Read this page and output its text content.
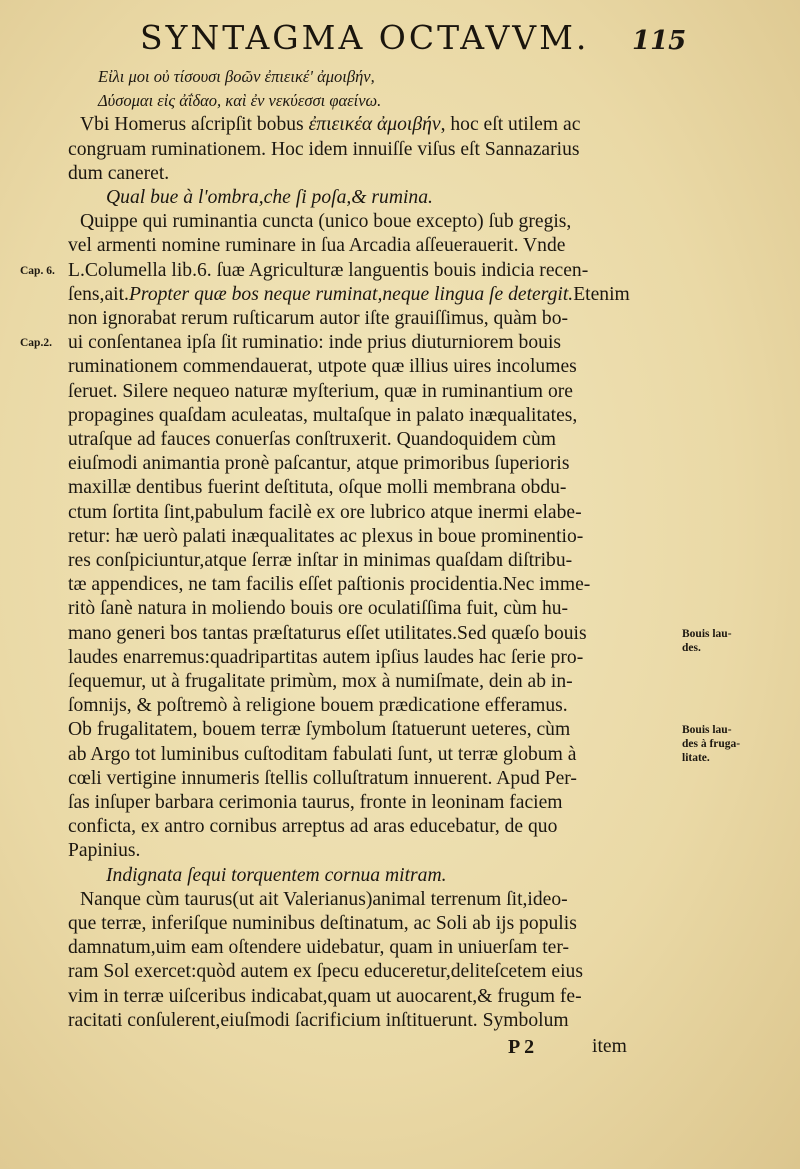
SYNTAGMA OCTAVVM. 115
Εἰλι μοι οὐ τίσουσι βοῶν ἐπιεικέ' ἀμοιβήν,
Δύσομαι εἰς ἀΐδαο, καὶ ἐν νεκύεσσι φαείνω.
Vbi Homerus aſcripſit bobus ἐπιεικέα ἀμοιβήν, hoc eſt utilem ac
congruam ruminationem. Hoc idem innuiſſe viſus eſt Sannazarius
dum caneret.
Qual bue à l'ombra,che ſi poſa,& rumina.
Quippe qui ruminantia cuncta (unico boue excepto) ſub gregis,
vel armenti nomine ruminare in ſua Arcadia aſſeuerauerit. Vnde
L.Columella lib.6. ſuæ Agriculturæ languentis bouis indicia recen-
ſens,ait.Propter quæ bos neque ruminat,neque lingua ſe detergit.Etenim
non ignorabat rerum ruſticarum autor iſte grauiſſimus, quàm bo-
ui conſentanea ipſa ſit ruminatio: inde prius diuturniorem bouis
ruminationem commendauerat, utpote quæ illius uires incolumes
ſeruet. Silere nequeo naturæ myſterium, quæ in ruminantium ore
propagines quaſdam aculeatas, multaſque in palato inæqualitates,
utraſque ad fauces conuerſas conſtruxerit. Quandoquidem cùm
eiuſmodi animantia pronè paſcantur, atque primoribus ſuperioris
maxillæ dentibus fuerint deſtituta, oſque molli membrana obdu-
ctum ſortita ſint,pabulum facilè ex ore lubrico atque inermi elabe-
retur: hæ uerò palati inæqualitates ac plexus in boue prominentio-
res conſpiciuntur,atque ſerræ inſtar in minimas quaſdam diſtribu-
tæ appendices, ne tam facilis eſſet paſtionis procidentia.Nec imme-
ritò ſanè natura in moliendo bouis ore oculatiſſima fuit, cùm hu-
mano generi bos tantas præſtaturus eſſet utilitates.Sed quæſo bouis
laudes enarremus:quadripartitas autem ipſius laudes hac ſerie pro-
ſequemur, ut à frugalitate primùm, mox à numiſmate, dein ab in-
ſomnijs, & poſtremò à religione bouem prædicatione efferamus.
Ob frugalitatem, bouem terræ ſymbolum ſtatuerunt ueteres, cùm
ab Argo tot luminibus cuſtoditam fabulati ſunt, ut terræ globum à
cœli vertigine innumeris ſtellis colluſtratum innuerent. Apud Per-
ſas inſuper barbara cerimonia taurus, fronte in leoninam faciem
conficta, ex antro cornibus arreptus ad aras educebatur, de quo
Papinius.
Indignata ſequi torquentem cornua mitram.
Nanque cùm taurus(ut ait Valerianus)animal terrenum ſit,ideo-
que terræ, inferiſque numinibus deſtinatum, ac Soli ab ijs populis
damnatum,uim eam oſtendere uidebatur, quam in uniuerſam ter-
ram Sol exercet:quòd autem ex ſpecu educeretur,deliteſcetem eius
vim in terræ uiſceribus indicabat,quam ut auocarent,& frugum fe-
racitati conſulerent,eiuſmodi ſacrificium inſtituerunt. Symbolum
Cap. 6.
Cap.2.
Bouis lau-
des.
Bouis lau-
des à fruga-
litate.
P 2	item
